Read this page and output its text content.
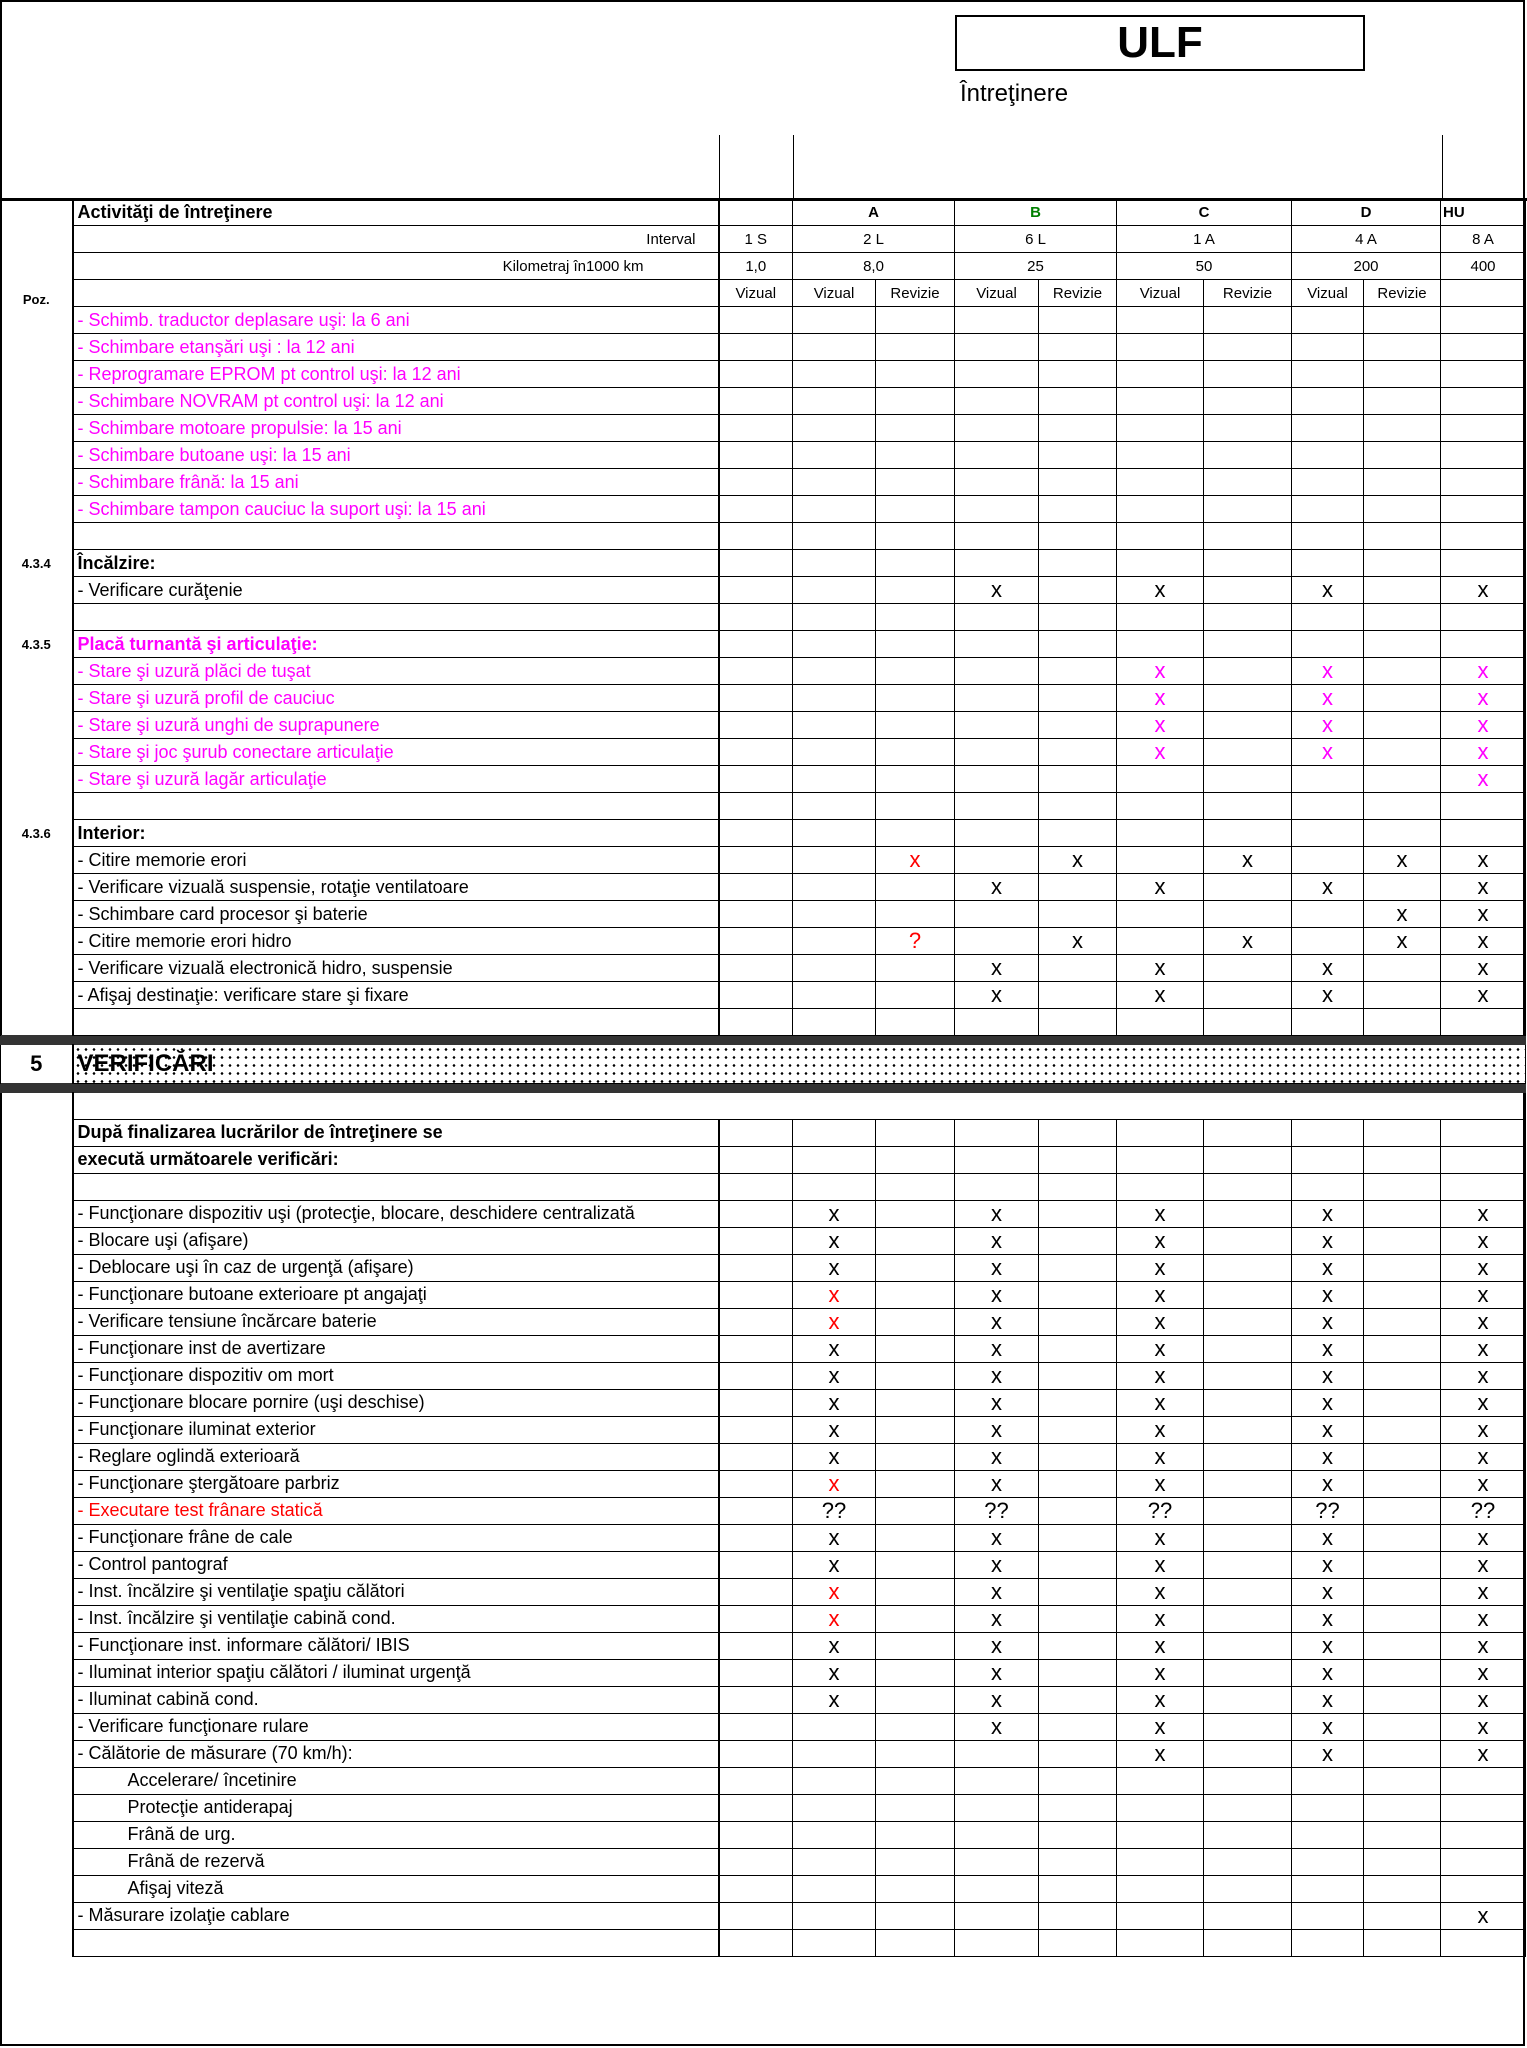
ULF
Întreţinere
	Activităţi de întreţinere		A		B		C		D		HU
	Interval	1 S	2 L		6 L		1 A		4 A		8 A
	Kilometraj în1000 km	1,0	8,0		25		50		200		400
Poz.		Vizual	Vizual	Revizie	Vizual	Revizie	Vizual	Revizie	Vizual	Revizie	
	- Schimb. traductor deplasare uşi: la 6 ani										
	- Schimbare etanşări uşi : la 12 ani										
	- Reprogramare EPROM pt control uşi: la 12 ani										
	- Schimbare NOVRAM pt control uşi: la 12 ani										
	- Schimbare motoare propulsie: la 15 ani										
	- Schimbare butoane uşi: la 15 ani										
	- Schimbare frână: la 15 ani										
	- Schimbare tampon cauciuc la suport uşi: la 15 ani										

4.3.4	Încălzire:										
	- Verificare curăţenie				x		x		x		x

4.3.5	Placă turnantă şi articulaţie:										
	- Stare şi uzură plăci de tuşat						x		x		x
	- Stare şi uzură profil de cauciuc						x		x		x
	- Stare şi uzură unghi de suprapunere						x		x		x
	- Stare şi joc şurub conectare articulaţie						x		x		x
	- Stare şi uzură lagăr articulaţie										x

4.3.6	Interior:										
	- Citire memorie erori			x		x		x		x	x
	- Verificare vizuală suspensie, rotaţie ventilatoare				x		x		x		x
	- Schimbare card procesor şi baterie									x	x
	- Citire memorie erori hidro			?		x		x		x	x
	- Verificare vizuală electronică hidro, suspensie				x		x		x		x
	- Afişaj destinaţie: verificare stare şi fixare				x		x		x		x

5	VERIFICĂRI										

	După finalizarea lucrărilor de întreţinere se										
	execută următoarele verificări:										

	- Funcţionare dispozitiv uşi (protecţie, blocare, deschidere centralizată		x		x		x		x		x
	- Blocare uşi (afişare)		x		x		x		x		x
	- Deblocare uşi în caz de urgenţă (afişare)		x		x		x		x		x
	- Funcţionare butoane exterioare pt angajaţi		x		x		x		x		x
	- Verificare tensiune încărcare baterie		x		x		x		x		x
	- Funcţionare inst de avertizare		x		x		x		x		x
	- Funcţionare dispozitiv om mort		x		x		x		x		x
	- Funcţionare blocare pornire (uşi deschise)		x		x		x		x		x
	- Funcţionare iluminat exterior		x		x		x		x		x
	- Reglare oglindă exterioară		x		x		x		x		x
	- Funcţionare ştergătoare parbriz		x		x		x		x		x
	- Executare test frânare statică		??		??		??		??		??
	- Funcţionare frâne de cale		x		x		x		x		x
	- Control pantograf		x		x		x		x		x
	- Inst. încălzire şi ventilaţie spaţiu călători		x		x		x		x		x
	- Inst. încălzire şi ventilaţie cabină cond.		x		x		x		x		x
	- Funcţionare inst. informare călători/ IBIS		x		x		x		x		x
	- Iluminat interior spaţiu călători / iluminat urgenţă		x		x		x		x		x
	- Iluminat cabină cond.		x		x		x		x		x
	- Verificare funcţionare rulare				x		x		x		x
	- Călătorie de măsurare (70 km/h):						x		x		x
	Accelerare/ încetinire										
	Protecţie antiderapaj										
	Frână de urg.										
	Frână de rezervă										
	Afişaj viteză										
	- Măsurare izolaţie cablare										x
